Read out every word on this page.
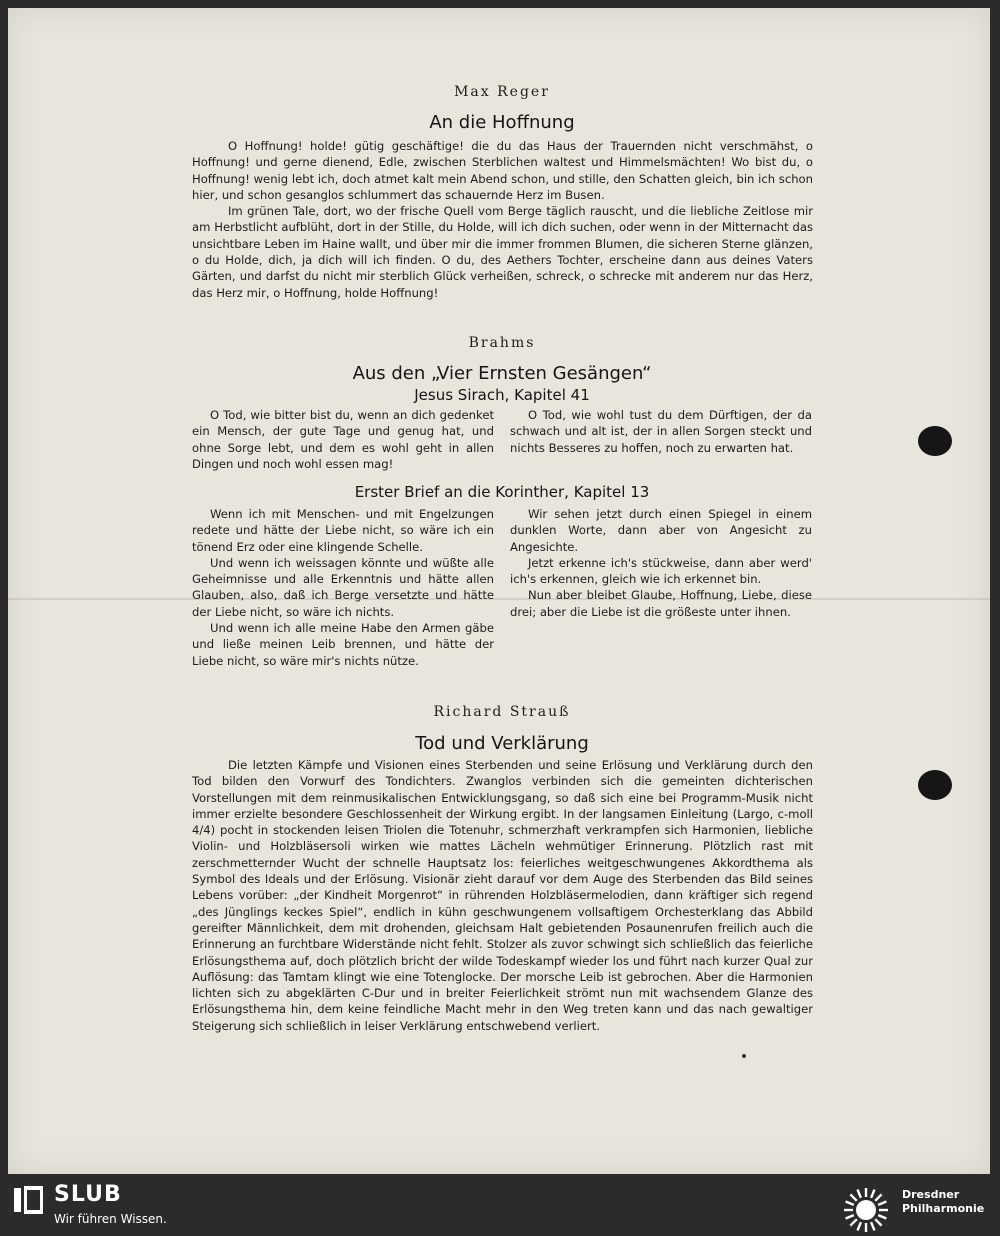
Max Reger
An die Hoffnung

O Hoffnung! holde! gütig geschäftige! die du das Haus der Trauernden nicht verschmähst, o Hoffnung! und gerne dienend, Edle, zwischen Sterblichen waltest und Himmelsmächten! Wo bist du, o Hoffnung! wenig lebt ich, doch atmet kalt mein Abend schon, und stille, den Schatten gleich, bin ich schon hier, und schon gesanglos schlummert das schauernde Herz im Busen.

Im grünen Tale, dort, wo der frische Quell vom Berge täglich rauscht, und die liebliche Zeitlose mir am Herbstlicht aufblüht, dort in der Stille, du Holde, will ich dich suchen, oder wenn in der Mitternacht das unsichtbare Leben im Haine wallt, und über mir die immer frommen Blumen, die sicheren Sterne glänzen, o du Holde, dich, ja dich will ich finden. O du, des Aethers Tochter, erscheine dann aus deines Vaters Gärten, und darfst du nicht mir sterblich Glück verheißen, schreck, o schrecke mit anderem nur das Herz, das Herz mir, o Hoffnung, holde Hoffnung!

Brahms
Aus den „Vier Ernsten Gesängen“
Jesus Sirach, Kapitel 41

O Tod, wie bitter bist du, wenn an dich gedenket ein Mensch, der gute Tage und genug hat, und ohne Sorge lebt, und dem es wohl geht in allen Dingen und noch wohl essen mag!

O Tod, wie wohl tust du dem Dürftigen, der da schwach und alt ist, der in allen Sorgen steckt und nichts Besseres zu hoffen, noch zu erwarten hat.

Erster Brief an die Korinther, Kapitel 13

Wenn ich mit Menschen- und mit Engelzungen redete und hätte der Liebe nicht, so wäre ich ein tönend Erz oder eine klingende Schelle.

Und wenn ich weissagen könnte und wüßte alle Geheimnisse und alle Erkenntnis und hätte allen Glauben, also, daß ich Berge versetzte und hätte der Liebe nicht, so wäre ich nichts.

Und wenn ich alle meine Habe den Armen gäbe und ließe meinen Leib brennen, und hätte der Liebe nicht, so wäre mir's nichts nütze.

Wir sehen jetzt durch einen Spiegel in einem dunklen Worte, dann aber von Angesicht zu Angesichte.

Jetzt erkenne ich's stückweise, dann aber werd' ich's erkennen, gleich wie ich erkennet bin.

Nun aber bleibet Glaube, Hoffnung, Liebe, diese drei; aber die Liebe ist die größeste unter ihnen.

Richard Strauß
Tod und Verklärung

Die letzten Kämpfe und Visionen eines Sterbenden und seine Erlösung und Verklärung durch den Tod bilden den Vorwurf des Tondichters. Zwanglos verbinden sich die gemeinten dichterischen Vorstellungen mit dem reinmusikalischen Entwicklungsgang, so daß sich eine bei Programm-Musik nicht immer erzielte besondere Geschlossenheit der Wirkung ergibt. In der langsamen Einleitung (Largo, c-moll 4/4) pocht in stockenden leisen Triolen die Totenuhr, schmerzhaft verkrampfen sich Harmonien, liebliche Violin- und Holzbläsersoli wirken wie mattes Lächeln wehmütiger Erinnerung. Plötzlich rast mit zerschmetternder Wucht der schnelle Hauptsatz los: feierliches weitgeschwungenes Akkordthema als Symbol des Ideals und der Erlösung. Visionär zieht darauf vor dem Auge des Sterbenden das Bild seines Lebens vorüber: „der Kindheit Morgenrot“ in rührenden Holzbläsermelodien, dann kräftiger sich regend „des Jünglings keckes Spiel“, endlich in kühn geschwungenem vollsaftigem Orchesterklang das Abbild gereifter Männlichkeit, dem mit drohenden, gleichsam Halt gebietenden Posaunenrufen freilich auch die Erinnerung an furchtbare Widerstände nicht fehlt. Stolzer als zuvor schwingt sich schließlich das feierliche Erlösungsthema auf, doch plötzlich bricht der wilde Todeskampf wieder los und führt nach kurzer Qual zur Auflösung: das Tamtam klingt wie eine Totenglocke. Der morsche Leib ist gebrochen. Aber die Harmonien lichten sich zu abgeklärten C-Dur und in breiter Feierlichkeit strömt nun mit wachsendem Glanze des Erlösungsthema hin, dem keine feindliche Macht mehr in den Weg treten kann und das nach gewaltiger Steigerung sich schließlich in leiser Verklärung entschwebend verliert.

SLUB
Wir führen Wissen.
Dresdner
Philharmonie
